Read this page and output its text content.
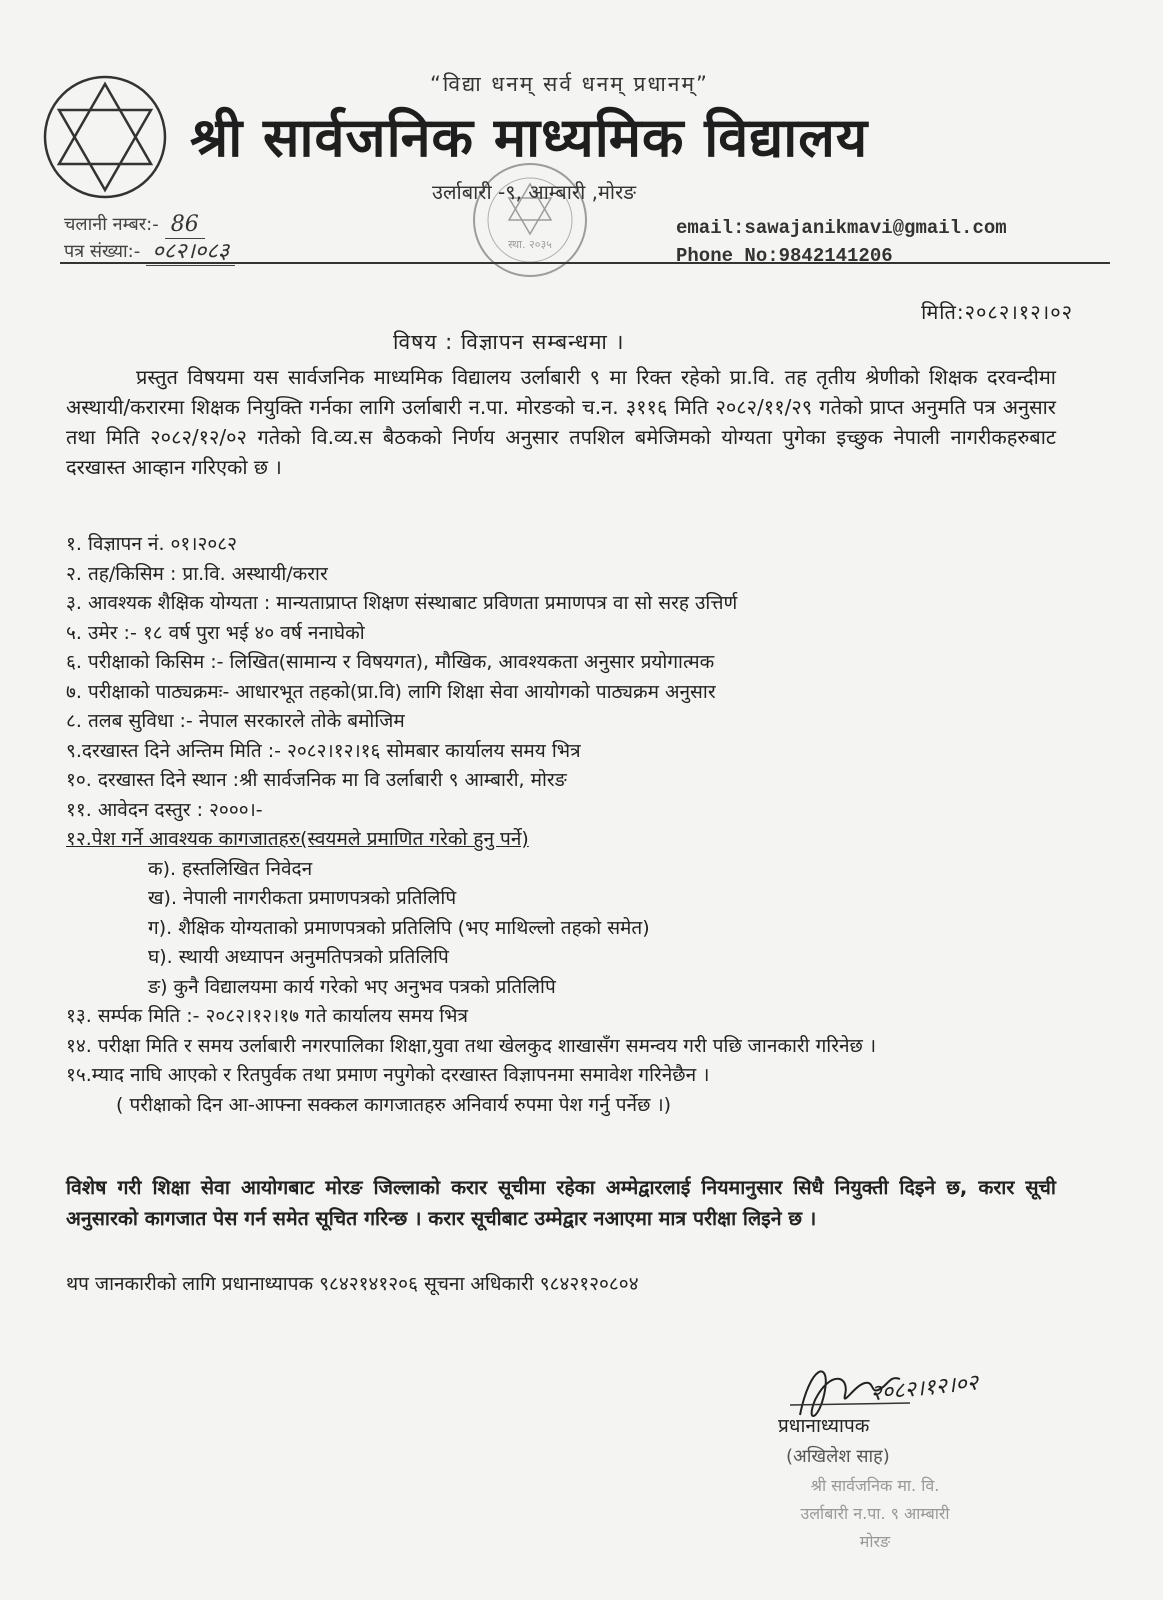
“विद्या धनम् सर्व धनम् प्रधानम्”
श्री सार्वजनिक माध्यमिक विद्यालय
स्था. २०३५
उर्लाबारी -९, आम्बारी ,मोरङ
चलानी नम्बर:- 86
पत्र संख्या:- ०८२।०८३
email:sawajanikmavi@gmail.com
Phone No:9842141206
मिति:२०८२।१२।०२
विषय : विज्ञापन सम्बन्धमा ।
प्रस्तुत विषयमा यस सार्वजनिक माध्यमिक विद्यालय उर्लाबारी ९ मा रिक्त रहेको प्रा.वि. तह तृतीय श्रेणीको शिक्षक दरवन्दीमा अस्थायी/करारमा शिक्षक नियुक्ति गर्नका लागि उर्लाबारी न.पा. मोरङको च.न. ३११६ मिति २०८२/११/२९ गतेको प्राप्त अनुमति पत्र अनुसार तथा मिति २०८२/१२/०२ गतेको वि.व्य.स बैठकको निर्णय अनुसार तपशिल बमेजिमको योग्यता पुगेका इच्छुक नेपाली नागरीकहरुबाट दरखास्त आव्हान गरिएको छ ।
१. विज्ञापन नं. ०१।२०८२
२. तह/किसिम : प्रा.वि. अस्थायी/करार
३. आवश्यक शैक्षिक योग्यता : मान्यताप्राप्त शिक्षण संस्थाबाट प्रविणता प्रमाणपत्र वा सो सरह उत्तिर्ण
५. उमेर :- १८ वर्ष पुरा भई ४० वर्ष ननाघेको
६. परीक्षाको किसिम :- लिखित(सामान्य र विषयगत), मौखिक, आवश्यकता अनुसार प्रयोगात्मक
७. परीक्षाको पाठ्यक्रमः- आधारभूत तहको(प्रा.वि) लागि शिक्षा सेवा आयोगको पाठ्यक्रम अनुसार
८. तलब सुविधा :- नेपाल सरकारले तोके बमोजिम
९.दरखास्त दिने अन्तिम मिति :- २०८२।१२।१६ सोमबार कार्यालय समय भित्र
१०. दरखास्त दिने स्थान :श्री सार्वजनिक मा वि उर्लाबारी ९ आम्बारी, मोरङ
११. आवेदन दस्तुर : २०००।-
१२.पेश गर्ने आवश्यक कागजातहरु(स्वयमले प्रमाणित गरेको हुनु पर्ने)
क). हस्तलिखित निवेदन
ख). नेपाली नागरीकता प्रमाणपत्रको प्रतिलिपि
ग). शैक्षिक योग्यताको प्रमाणपत्रको प्रतिलिपि (भए माथिल्लो तहको समेत)
घ). स्थायी अध्यापन अनुमतिपत्रको प्रतिलिपि
ङ) कुनै विद्यालयमा कार्य गरेको भए अनुभव पत्रको प्रतिलिपि
१३. सर्म्पक मिति :- २०८२।१२।१७ गते कार्यालय समय भित्र
१४. परीक्षा मिति र समय उर्लाबारी नगरपालिका शिक्षा,युवा तथा खेलकुद शाखासँग समन्वय गरी पछि जानकारी गरिनेछ ।
१५.म्याद नाघि आएको र रितपुर्वक तथा प्रमाण नपुगेको दरखास्त विज्ञापनमा समावेश गरिनेछैन ।
( परीक्षाको दिन आ-आफ्ना सक्कल कागजातहरु अनिवार्य रुपमा पेश गर्नु पर्नेछ ।)
विशेष गरी शिक्षा सेवा आयोगबाट मोरङ जिल्लाको करार सूचीमा रहेका अम्मेद्वारलाई नियमानुसार सिधै नियुक्ती दिइने छ, करार सूची अनुसारको कागजात पेस गर्न समेत सूचित गरिन्छ । करार सूचीबाट उम्मेद्वार नआएमा मात्र परीक्षा लिइने छ ।
थप जानकारीको लागि प्रधानाध्यापक ९८४२१४१२०६ सूचना अधिकारी ९८४२१२०८०४
२०८२।१२।०२
प्रधानाध्यापक
(अखिलेश साह)
श्री सार्वजनिक मा. वि.
उर्लाबारी न.पा. ९ आम्बारी
मोरङ
